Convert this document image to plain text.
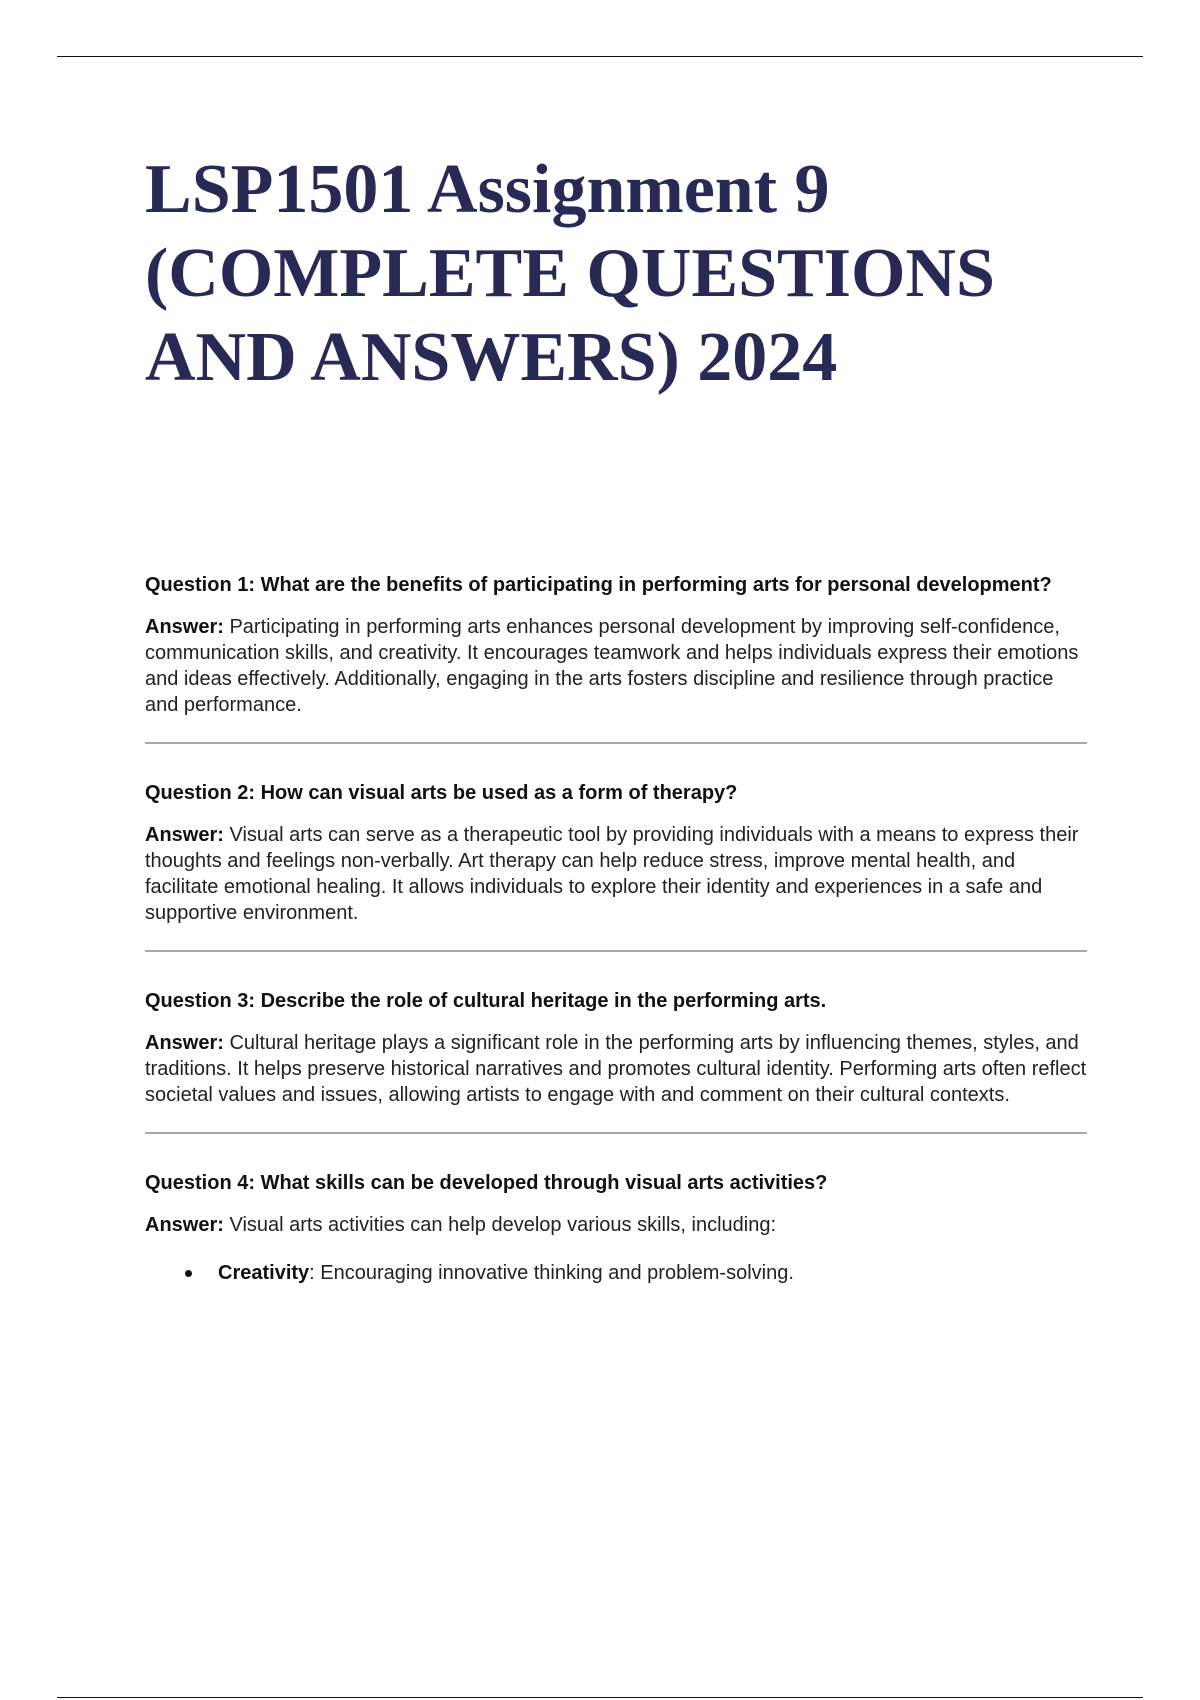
LSP1501 Assignment 9 (COMPLETE QUESTIONS AND ANSWERS) 2024

Question 1: What are the benefits of participating in performing arts for personal development?

Answer: Participating in performing arts enhances personal development by improving self-confidence, communication skills, and creativity. It encourages teamwork and helps individuals express their emotions and ideas effectively. Additionally, engaging in the arts fosters discipline and resilience through practice and performance.

Question 2: How can visual arts be used as a form of therapy?

Answer: Visual arts can serve as a therapeutic tool by providing individuals with a means to express their thoughts and feelings non-verbally. Art therapy can help reduce stress, improve mental health, and facilitate emotional healing. It allows individuals to explore their identity and experiences in a safe and supportive environment.

Question 3: Describe the role of cultural heritage in the performing arts.

Answer: Cultural heritage plays a significant role in the performing arts by influencing themes, styles, and traditions. It helps preserve historical narratives and promotes cultural identity. Performing arts often reflect societal values and issues, allowing artists to engage with and comment on their cultural contexts.

Question 4: What skills can be developed through visual arts activities?

Answer: Visual arts activities can help develop various skills, including:

Creativity: Encouraging innovative thinking and problem-solving.
